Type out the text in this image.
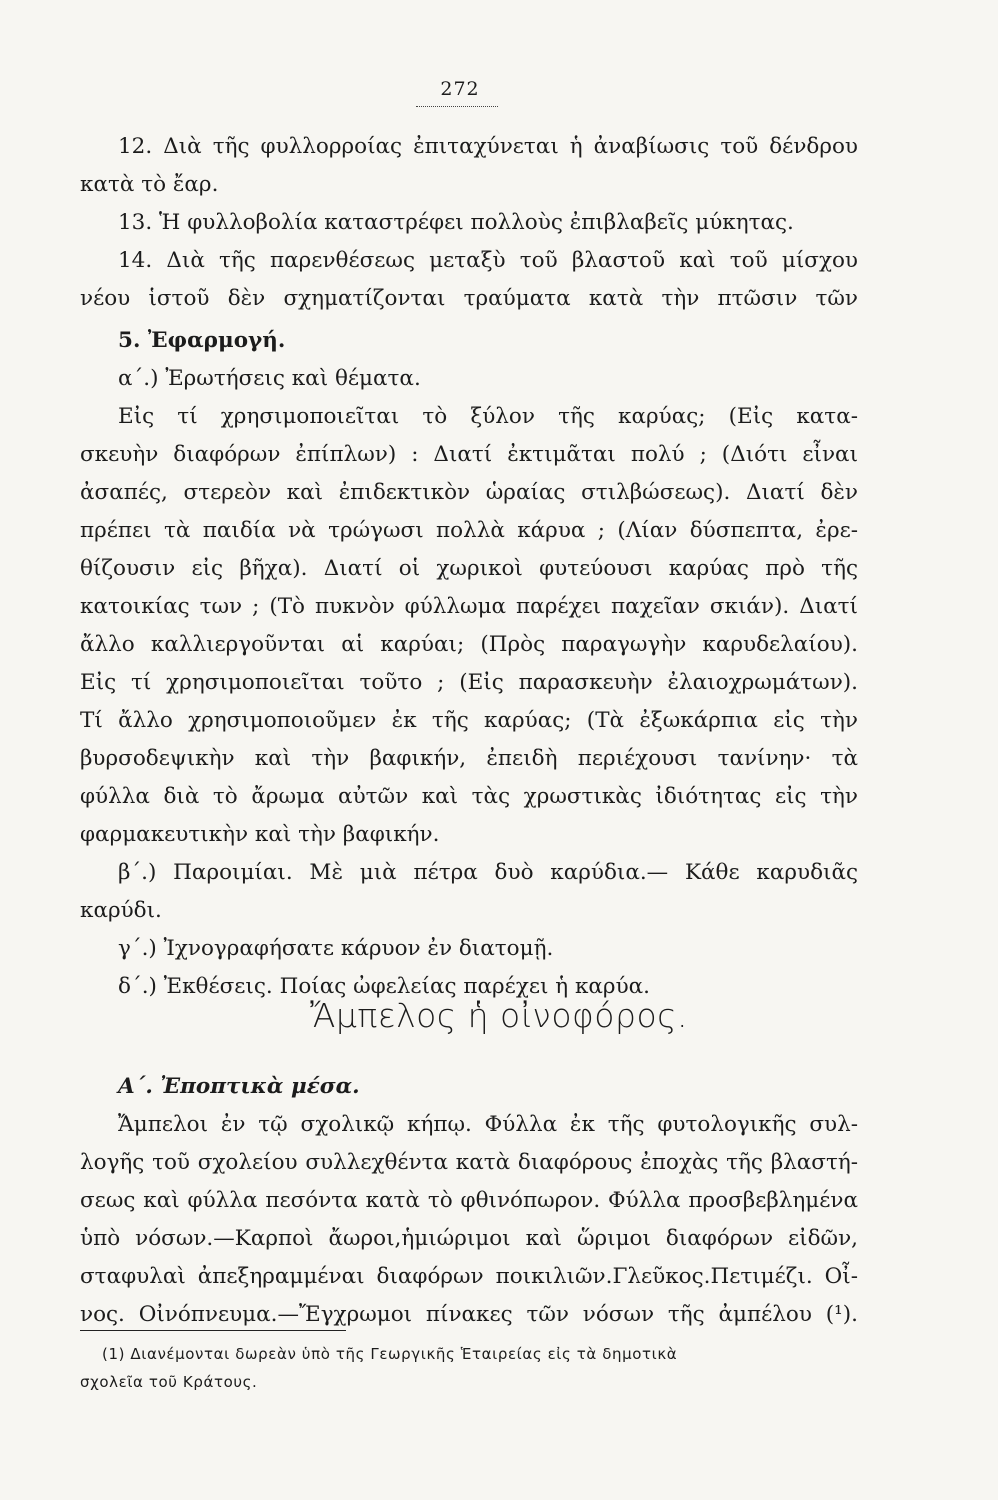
272
12. Διὰ τῆς φυλλορροίας ἐπιταχύνεται ἡ ἀναβίωσις τοῦ δένδρου
κατὰ τὸ ἔαρ.
13. Ἡ φυλλοβολία καταστρέφει πολλοὺς ἐπιβλαβεῖς μύκητας.
14. Διὰ τῆς παρενθέσεως μεταξὺ τοῦ βλαστοῦ καὶ τοῦ μίσχου
νέου ἱστοῦ δὲν σχηματίζονται τραύματα κατὰ τὴν πτῶσιν τῶν
5. Ἐφαρμογή.
α΄.) Ἐρωτήσεις καὶ θέματα.
Εἰς τί χρησιμοποιεῖται τὸ ξύλον τῆς καρύας; (Εἰς κατα-
σκευὴν διαφόρων ἐπίπλων) : Διατί ἐκτιμᾶται πολύ ; (Διότι εἶναι
ἀσαπές, στερεὸν καὶ ἐπιδεκτικὸν ὡραίας στιλβώσεως). Διατί δὲν
πρέπει τὰ παιδία νὰ τρώγωσι πολλὰ κάρυα ; (Λίαν δύσπεπτα, ἐρε-
θίζουσιν εἰς βῆχα). Διατί οἱ χωρικοὶ φυτεύουσι καρύας πρὸ τῆς
κατοικίας των ; (Τὸ πυκνὸν φύλλωμα παρέχει παχεῖαν σκιάν). Διατί
ἄλλο καλλιεργοῦνται αἱ καρύαι; (Πρὸς παραγωγὴν καρυδελαίου).
Εἰς τί χρησιμοποιεῖται τοῦτο ; (Εἰς παρασκευὴν ἐλαιοχρωμάτων).
Τί ἄλλο χρησιμοποιοῦμεν ἐκ τῆς καρύας; (Τὰ ἐξωκάρπια εἰς τὴν
βυρσοδεψικὴν καὶ τὴν βαφικήν, ἐπειδὴ περιέχουσι τανίνην· τὰ
φύλλα διὰ τὸ ἄρωμα αὐτῶν καὶ τὰς χρωστικὰς ἰδιότητας εἰς τὴν
φαρμακευτικὴν καὶ τὴν βαφικήν.
β΄.) Παροιμίαι. Μὲ μιὰ πέτρα δυὸ καρύδια.— Κάθε καρυδιᾶς
καρύδι.
γ΄.) Ἰχνογραφήσατε κάρυον ἐν διατομῇ.
δ΄.) Ἐκθέσεις. Ποίας ὠφελείας παρέχει ἡ καρύα.
Ἄμπελος ἡ οἰνοφόρος.
Α΄. Ἐποπτικὰ μέσα.
Ἄμπελοι ἐν τῷ σχολικῷ κήπῳ. Φύλλα ἐκ τῆς φυτολογικῆς συλ-
λογῆς τοῦ σχολείου συλλεχθέντα κατὰ διαφόρους ἐποχὰς τῆς βλαστή-
σεως καὶ φύλλα πεσόντα κατὰ τὸ φθινόπωρον. Φύλλα προσβεβλημένα
ὑπὸ νόσων.—Καρποὶ ἄωροι,ἡμιώριμοι καὶ ὥριμοι διαφόρων εἰδῶν,
σταφυλαὶ ἀπεξηραμμέναι διαφόρων ποικιλιῶν.Γλεῦκος.Πετιμέζι. Οἶ-
νος. Οἰνόπνευμα.—Ἔγχρωμοι πίνακες τῶν νόσων τῆς ἀμπέλου (¹).
(1) Διανέμονται δωρεὰν ὑπὸ τῆς Γεωργικῆς Ἑταιρείας εἰς τὰ δημοτικὰ
σχολεῖα τοῦ Κράτους.
